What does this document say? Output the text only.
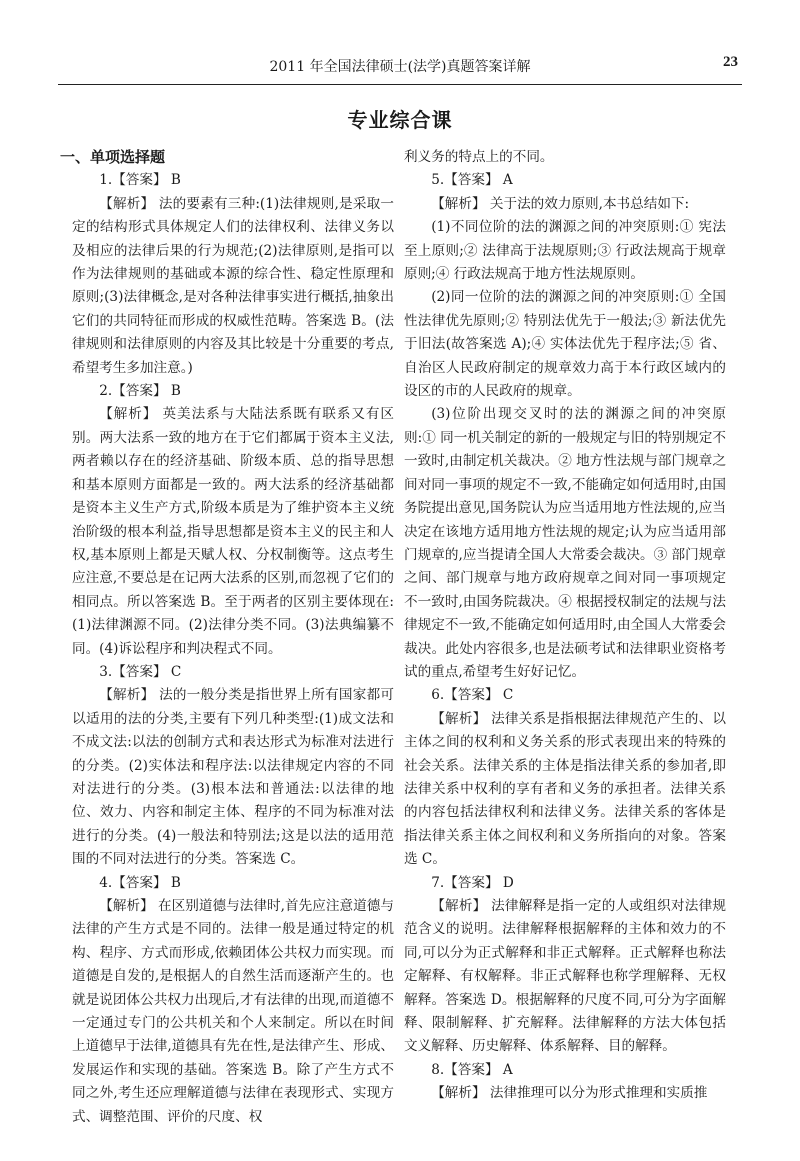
2011 年全国法律硕士(法学)真题答案详解	23
专业综合课

一、单项选择题

1.【答案】 B

【解析】 法的要素有三种:(1)法律规则,是采取一定的结构形式具体规定人们的法律权利、法律义务以及相应的法律后果的行为规范;(2)法律原则,是指可以作为法律规则的基础或本源的综合性、稳定性原理和原则;(3)法律概念,是对各种法律事实进行概括,抽象出它们的共同特征而形成的权威性范畴。答案选 B。(法律规则和法律原则的内容及其比较是十分重要的考点,希望考生多加注意。)

2.【答案】 B

【解析】 英美法系与大陆法系既有联系又有区别。两大法系一致的地方在于它们都属于资本主义法,两者赖以存在的经济基础、阶级本质、总的指导思想和基本原则方面都是一致的。两大法系的经济基础都是资本主义生产方式,阶级本质是为了维护资本主义统治阶级的根本利益,指导思想都是资本主义的民主和人权,基本原则上都是天赋人权、分权制衡等。这点考生应注意,不要总是在记两大法系的区别,而忽视了它们的相同点。所以答案选 B。至于两者的区别主要体现在:(1)法律渊源不同。(2)法律分类不同。(3)法典编纂不同。(4)诉讼程序和判决程式不同。

3.【答案】 C

【解析】 法的一般分类是指世界上所有国家都可以适用的法的分类,主要有下列几种类型:(1)成文法和不成文法:以法的创制方式和表达形式为标准对法进行的分类。(2)实体法和程序法:以法律规定内容的不同对法进行的分类。(3)根本法和普通法:以法律的地位、效力、内容和制定主体、程序的不同为标准对法进行的分类。(4)一般法和特别法;这是以法的适用范围的不同对法进行的分类。答案选 C。

4.【答案】 B

【解析】 在区别道德与法律时,首先应注意道德与法律的产生方式是不同的。法律一般是通过特定的机构、程序、方式而形成,依赖团体公共权力而实现。而道德是自发的,是根据人的自然生活而逐渐产生的。也就是说团体公共权力出现后,才有法律的出现,而道德不一定通过专门的公共机关和个人来制定。所以在时间上道德早于法律,道德具有先在性,是法律产生、形成、发展运作和实现的基础。答案选 B。除了产生方式不同之外,考生还应理解道德与法律在表现形式、实现方式、调整范围、评价的尺度、权

利义务的特点上的不同。

5.【答案】 A

【解析】 关于法的效力原则,本书总结如下:

(1)不同位阶的法的渊源之间的冲突原则:① 宪法至上原则;② 法律高于法规原则;③ 行政法规高于规章原则;④ 行政法规高于地方性法规原则。

(2)同一位阶的法的渊源之间的冲突原则:① 全国性法律优先原则;② 特别法优先于一般法;③ 新法优先于旧法(故答案选 A);④ 实体法优先于程序法;⑤ 省、自治区人民政府制定的规章效力高于本行政区域内的设区的市的人民政府的规章。

(3)位阶出现交叉时的法的渊源之间的冲突原则:① 同一机关制定的新的一般规定与旧的特别规定不一致时,由制定机关裁决。② 地方性法规与部门规章之间对同一事项的规定不一致,不能确定如何适用时,由国务院提出意见,国务院认为应当适用地方性法规的,应当决定在该地方适用地方性法规的规定;认为应当适用部门规章的,应当提请全国人大常委会裁决。③ 部门规章之间、部门规章与地方政府规章之间对同一事项规定不一致时,由国务院裁决。④ 根据授权制定的法规与法律规定不一致,不能确定如何适用时,由全国人大常委会裁决。此处内容很多,也是法硕考试和法律职业资格考试的重点,希望考生好好记忆。

6.【答案】 C

【解析】 法律关系是指根据法律规范产生的、以主体之间的权利和义务关系的形式表现出来的特殊的社会关系。法律关系的主体是指法律关系的参加者,即法律关系中权利的享有者和义务的承担者。法律关系的内容包括法律权利和法律义务。法律关系的客体是指法律关系主体之间权利和义务所指向的对象。答案选 C。

7.【答案】 D

【解析】 法律解释是指一定的人或组织对法律规范含义的说明。法律解释根据解释的主体和效力的不同,可以分为正式解释和非正式解释。正式解释也称法定解释、有权解释。非正式解释也称学理解释、无权解释。答案选 D。根据解释的尺度不同,可分为字面解释、限制解释、扩充解释。法律解释的方法大体包括文义解释、历史解释、体系解释、目的解释。

8.【答案】 A

【解析】 法律推理可以分为形式推理和实质推
